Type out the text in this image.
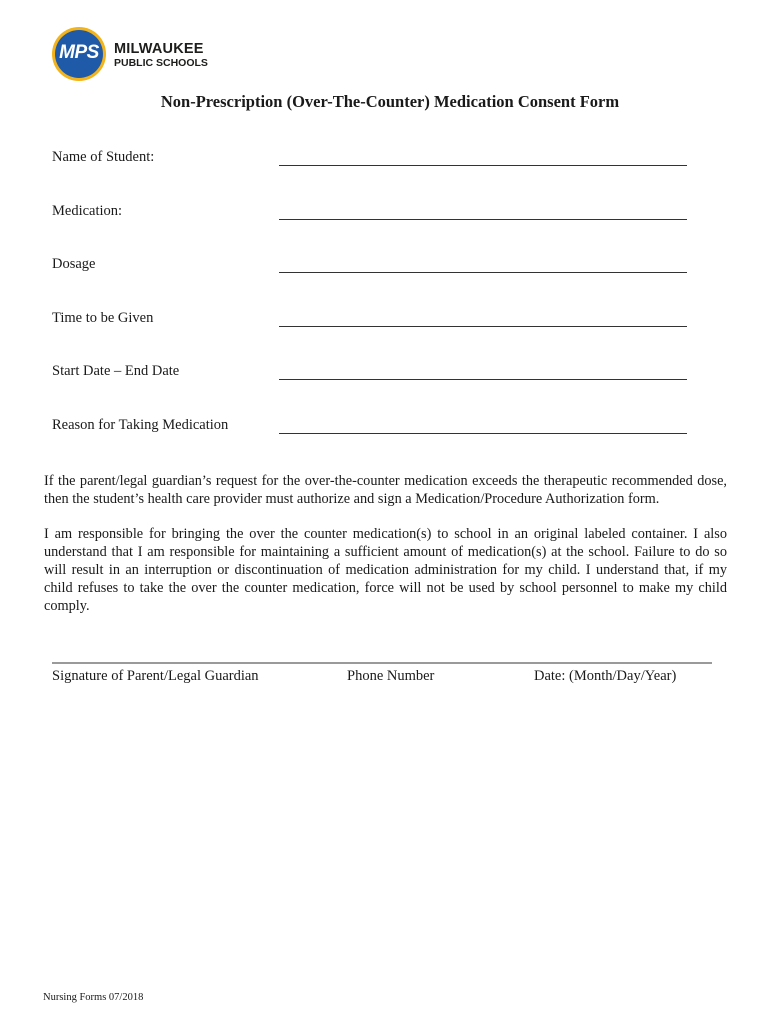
MPS MILWAUKEE
PUBLIC SCHOOLS
Non-Prescription (Over-The-Counter) Medication Consent Form
Name of Student:
Medication:
Dosage
Time to be Given
Start Date – End Date
Reason for Taking Medication

If the parent/legal guardian’s request for the over-the-counter medication exceeds the therapeutic recommended dose, then the student’s health care provider must authorize and sign a Medication/Procedure Authorization form.

I am responsible for bringing the over the counter medication(s) to school in an original labeled container. I also understand that I am responsible for maintaining a sufficient amount of medication(s) at the school. Failure to do so will result in an interruption or discontinuation of medication administration for my child. I understand that, if my child refuses to take the over the counter medication, force will not be used by school personnel to make my child comply.

Signature of Parent/Legal Guardian	Phone Number	Date: (Month/Day/Year)
Nursing Forms 07/2018
